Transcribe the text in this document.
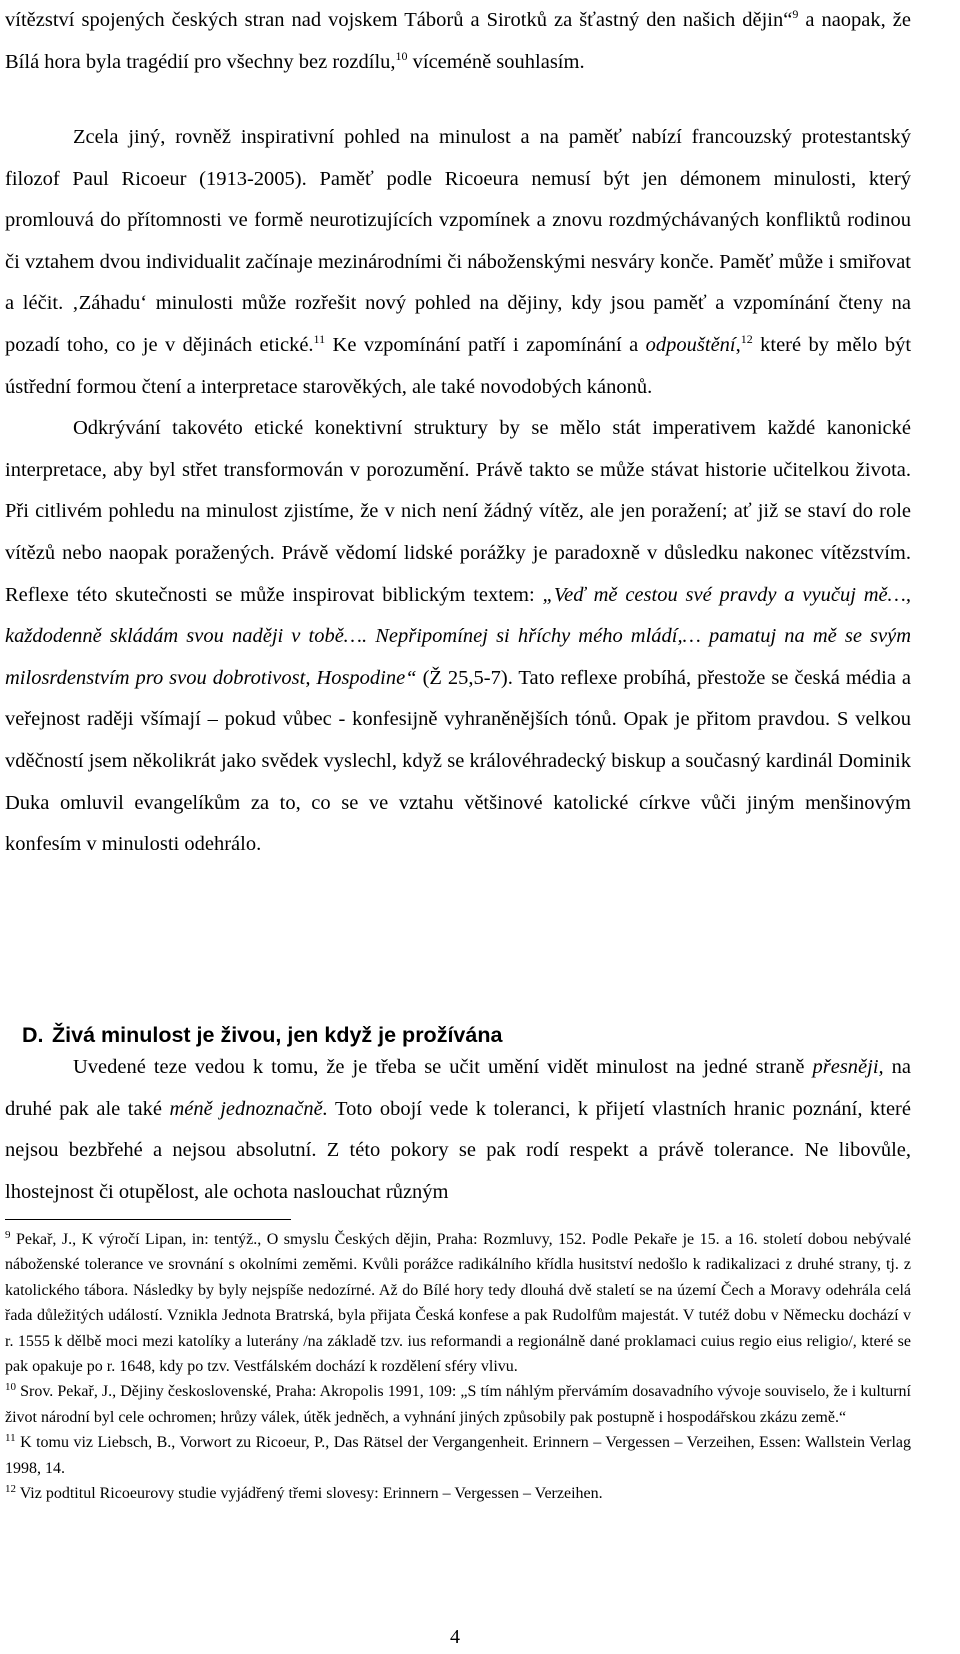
vítězství spojených českých stran nad vojskem Táborů a Sirotků za šťastný den našich dějin“$^9$ a naopak, že Bílá hora byla tragédií pro všechny bez rozdílu,$^{10}$ víceméně souhlasím.

Zcela jiný, rovněž inspirativní pohled na minulost a na paměť nabízí francouzský protestantský filozof Paul Ricoeur (1913-2005). Paměť podle Ricoeura nemusí být jen démonem minulosti, který promlouvá do přítomnosti ve formě neurotizujících vzpomínek a znovu rozdmýchávaných konfliktů rodinou či vztahem dvou individualit začínaje mezinárodními či náboženskými nesváry konče. Paměť může i smiřovat a léčit. ‚Záhadu‘ minulosti může rozřešit nový pohled na dějiny, kdy jsou paměť a vzpomínání čteny na pozadí toho, co je v dějinách etické.$^{11}$ Ke vzpomínání patří i zapomínání a odpouštění,$^{12}$ které by mělo být ústřední formou čtení a interpretace starověkých, ale také novodobých kánonů.

Odkrývání takovéto etické konektivní struktury by se mělo stát imperativem každé kanonické interpretace, aby byl střet transformován v porozumění. Právě takto se může stávat historie učitelkou života. Při citlivém pohledu na minulost zjistíme, že v nich není žádný vítěz, ale jen poražení; ať již se staví do role vítězů nebo naopak poražených. Právě vědomí lidské porážky je paradoxně v důsledku nakonec vítězstvím. Reflexe této skutečnosti se může inspirovat biblickým textem: „Veď mě cestou své pravdy a vyučuj mě…, každodenně skládám svou naději v tobě…. Nepřipomínej si hříchy mého mládí,… pamatuj na mě se svým milosrdenstvím pro svou dobrotivost, Hospodine“ (Ž 25,5-7). Tato reflexe probíhá, přestože se česká média a veřejnost raději všímají – pokud vůbec - konfesijně vyhraněnějších tónů. Opak je přitom pravdou. S velkou vděčností jsem několikrát jako svědek vyslechl, když se královéhradecký biskup a současný kardinál Dominik Duka omluvil evangelíkům za to, co se ve vztahu většinové katolické církve vůči jiným menšinovým konfesím v minulosti odehrálo.

D. Živá minulost je živou, jen když je prožívána

Uvedené teze vedou k tomu, že je třeba se učit umění vidět minulost na jedné straně přesněji, na druhé pak ale také méně jednoznačně. Toto obojí vede k toleranci, k přijetí vlastních hranic poznání, které nejsou bezbřehé a nejsou absolutní. Z této pokory se pak rodí respekt a právě tolerance. Ne libovůle, lhostejnost či otupělost, ale ochota naslouchat různým

$^9$ Pekař, J., K výročí Lipan, in: tentýž., O smyslu Českých dějin, Praha: Rozmluvy, 152. Podle Pekaře je 15. a 16. století dobou nebývalé náboženské tolerance ve srovnání s okolními zeměmi. Kvůli porážce radikálního křídla husitství nedošlo k radikalizaci z druhé strany, tj. z katolického tábora. Následky by byly nejspíše nedozírné. Až do Bílé hory tedy dlouhá dvě staletí se na území Čech a Moravy odehrála celá řada důležitých událostí. Vznikla Jednota Bratrská, byla přijata Česká konfese a pak Rudolfům majestát. V tutéž dobu v Německu dochází v r. 1555 k dělbě moci mezi katolíky a luterány /na základě tzv. ius reformandi a regionálně dané proklamaci cuius regio eius religio/, které se pak opakuje po r. 1648, kdy po tzv. Vestfálském dochází k rozdělení sféry vlivu.

$^{10}$ Srov. Pekař, J., Dějiny československé, Praha: Akropolis 1991, 109: „S tím náhlým přervámím dosavadního vývoje souviselo, že i kulturní život národní byl cele ochromen; hrůzy válek, útěk jedněch, a vyhnání jiných způsobily pak postupně i hospodářskou zkázu země.“

$^{11}$ K tomu viz Liebsch, B., Vorwort zu Ricoeur, P., Das Rätsel der Vergangenheit. Erinnern – Vergessen – Verzeihen, Essen: Wallstein Verlag 1998, 14.

$^{12}$ Viz podtitul Ricoeurovy studie vyjádřený třemi slovesy: Erinnern – Vergessen – Verzeihen.

4
